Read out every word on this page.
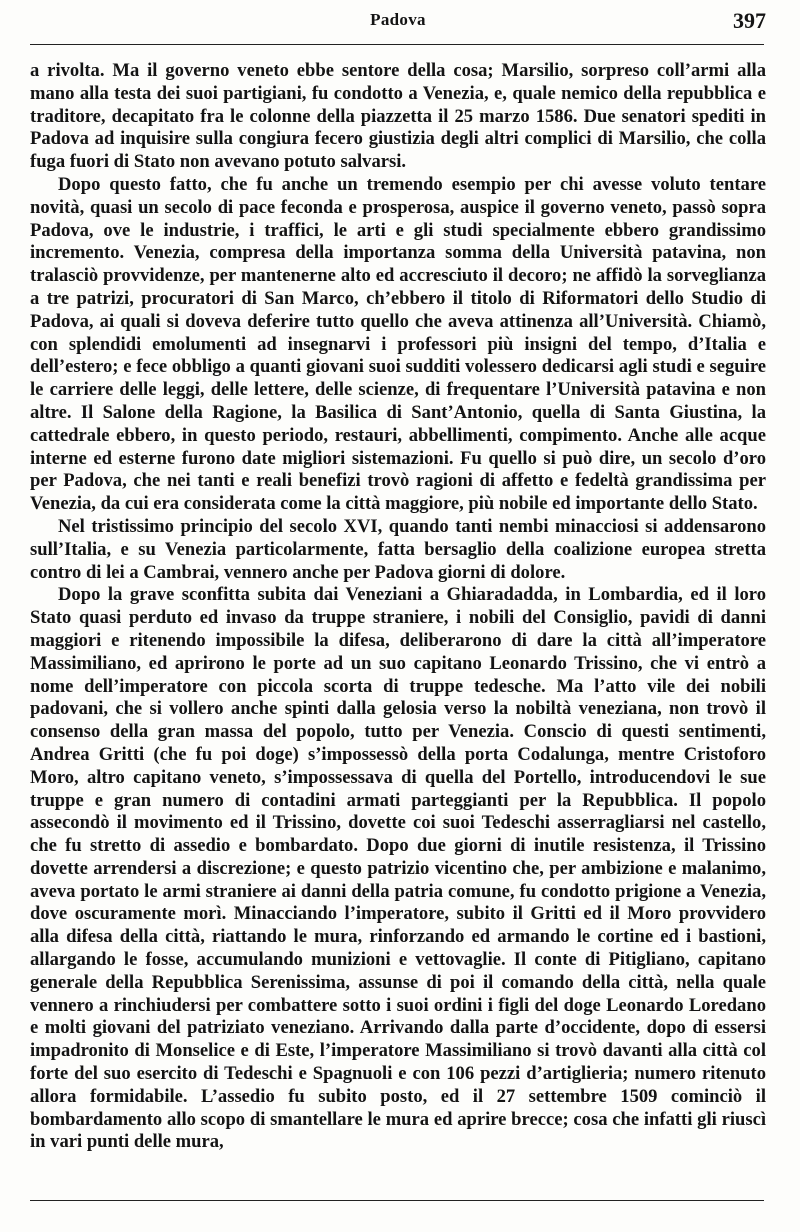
Padova	397

a rivolta. Ma il governo veneto ebbe sentore della cosa; Marsilio, sorpreso coll’armi alla mano alla testa dei suoi partigiani, fu condotto a Venezia, e, quale nemico della repubblica e traditore, decapitato fra le colonne della piazzetta il 25 marzo 1586. Due senatori spediti in Padova ad inquisire sulla congiura fecero giustizia degli altri complici di Marsilio, che colla fuga fuori di Stato non avevano potuto salvarsi.

Dopo questo fatto, che fu anche un tremendo esempio per chi avesse voluto tentare novità, quasi un secolo di pace feconda e prosperosa, auspice il governo veneto, passò sopra Padova, ove le industrie, i traffici, le arti e gli studi specialmente ebbero grandissimo incremento. Venezia, compresa della importanza somma della Università patavina, non tralasciò provvidenze, per mantenerne alto ed accresciuto il decoro; ne affidò la sorveglianza a tre patrizi, procuratori di San Marco, ch’ebbero il titolo di Riformatori dello Studio di Padova, ai quali si doveva deferire tutto quello che aveva attinenza all’Università. Chiamò, con splendidi emolumenti ad insegnarvi i professori più insigni del tempo, d’Italia e dell’estero; e fece obbligo a quanti giovani suoi sudditi volessero dedicarsi agli studi e seguire le carriere delle leggi, delle lettere, delle scienze, di frequentare l’Università patavina e non altre. Il Salone della Ragione, la Basilica di Sant’Antonio, quella di Santa Giustina, la cattedrale ebbero, in questo periodo, restauri, abbellimenti, compimento. Anche alle acque interne ed esterne furono date migliori sistemazioni. Fu quello si può dire, un secolo d’oro per Padova, che nei tanti e reali benefizi trovò ragioni di affetto e fedeltà grandissima per Venezia, da cui era considerata come la città maggiore, più nobile ed importante dello Stato.

Nel tristissimo principio del secolo XVI, quando tanti nembi minacciosi si addensarono sull’Italia, e su Venezia particolarmente, fatta bersaglio della coalizione europea stretta contro di lei a Cambrai, vennero anche per Padova giorni di dolore.

Dopo la grave sconfitta subita dai Veneziani a Ghiaradadda, in Lombardia, ed il loro Stato quasi perduto ed invaso da truppe straniere, i nobili del Consiglio, pavidi di danni maggiori e ritenendo impossibile la difesa, deliberarono di dare la città all’imperatore Massimiliano, ed aprirono le porte ad un suo capitano Leonardo Trissino, che vi entrò a nome dell’imperatore con piccola scorta di truppe tedesche. Ma l’atto vile dei nobili padovani, che si vollero anche spinti dalla gelosia verso la nobiltà veneziana, non trovò il consenso della gran massa del popolo, tutto per Venezia. Conscio di questi sentimenti, Andrea Gritti (che fu poi doge) s’impossessò della porta Codalunga, mentre Cristoforo Moro, altro capitano veneto, s’impossessava di quella del Portello, introducendovi le sue truppe e gran numero di contadini armati parteggianti per la Repubblica. Il popolo assecondò il movimento ed il Trissino, dovette coi suoi Tedeschi asserragliarsi nel castello, che fu stretto di assedio e bombardato. Dopo due giorni di inutile resistenza, il Trissino dovette arrendersi a discrezione; e questo patrizio vicentino che, per ambizione e malanimo, aveva portato le armi straniere ai danni della patria comune, fu condotto prigione a Venezia, dove oscuramente morì. Minacciando l’imperatore, subito il Gritti ed il Moro provvidero alla difesa della città, riattando le mura, rinforzando ed armando le cortine ed i bastioni, allargando le fosse, accumulando munizioni e vettovaglie. Il conte di Pitigliano, capitano generale della Repubblica Serenissima, assunse di poi il comando della città, nella quale vennero a rinchiudersi per combattere sotto i suoi ordini i figli del doge Leonardo Loredano e molti giovani del patriziato veneziano. Arrivando dalla parte d’occidente, dopo di essersi impadronito di Monselice e di Este, l’imperatore Massimiliano si trovò davanti alla città col forte del suo esercito di Tedeschi e Spagnuoli e con 106 pezzi d’artiglieria; numero ritenuto allora formidabile. L’assedio fu subito posto, ed il 27 settembre 1509 cominciò il bombardamento allo scopo di smantellare le mura ed aprire brecce; cosa che infatti gli riuscì in vari punti delle mura,
